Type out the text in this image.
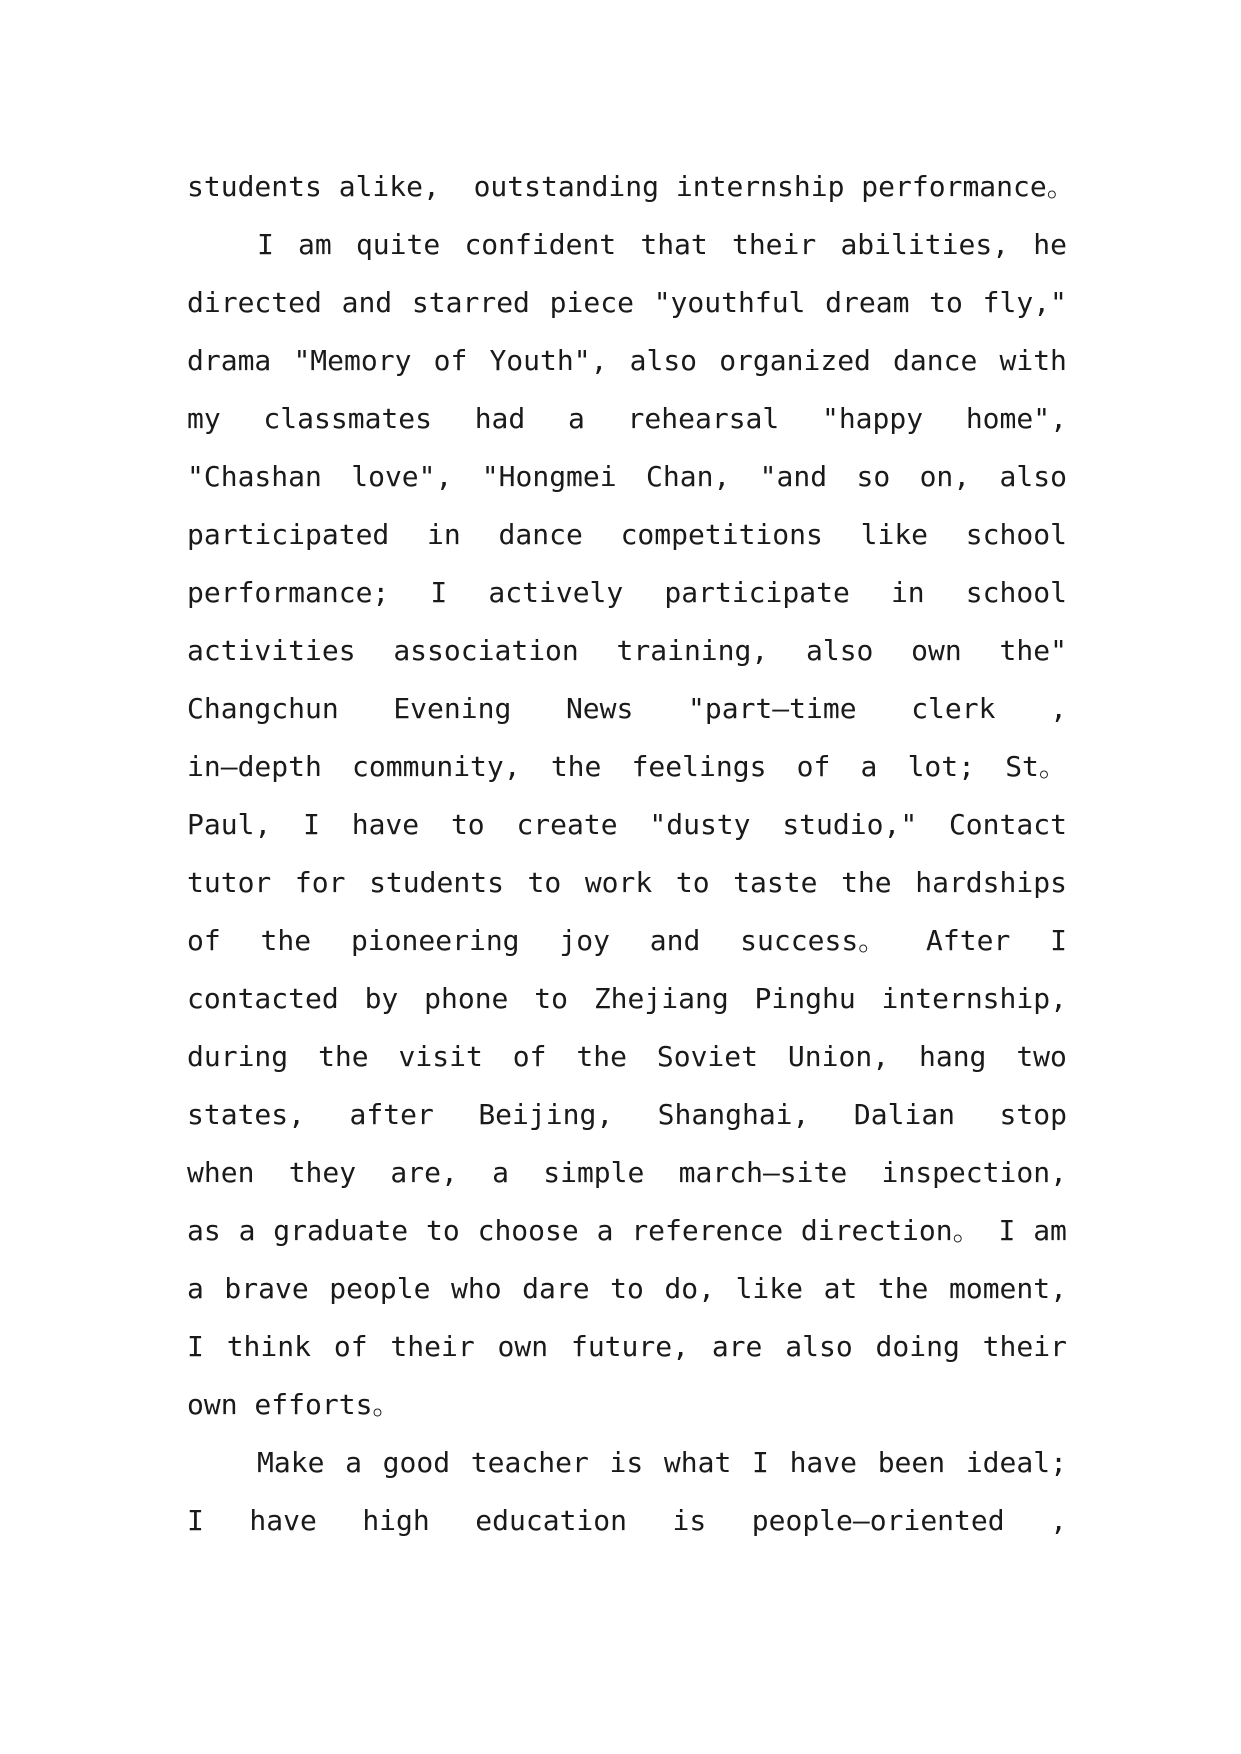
students alike,  outstanding internship performance。
I am quite confident that their abilities, he
directed and starred piece "youthful dream to fly,"
drama "Memory of Youth", also organized dance with
my classmates had a rehearsal "happy home",
"Chashan love", "Hongmei Chan, "and so on, also
participated in dance competitions like school
performance; I actively participate in school
activities association training, also own the"
Changchun Evening News "part—time clerk ,
in—depth community, the feelings of a lot; St。
Paul, I have to create "dusty studio," Contact
tutor for students to work to taste the hardships
of the pioneering joy and success。 After I
contacted by phone to Zhejiang Pinghu internship,
during the visit of the Soviet Union, hang two
states, after Beijing, Shanghai, Dalian stop
when they are, a simple march—site inspection,
as a graduate to choose a reference direction。 I am
a brave people who dare to do, like at the moment,
I think of their own future, are also doing their
own efforts。
Make a good teacher is what I have been ideal;
I have high education is people—oriented ,
